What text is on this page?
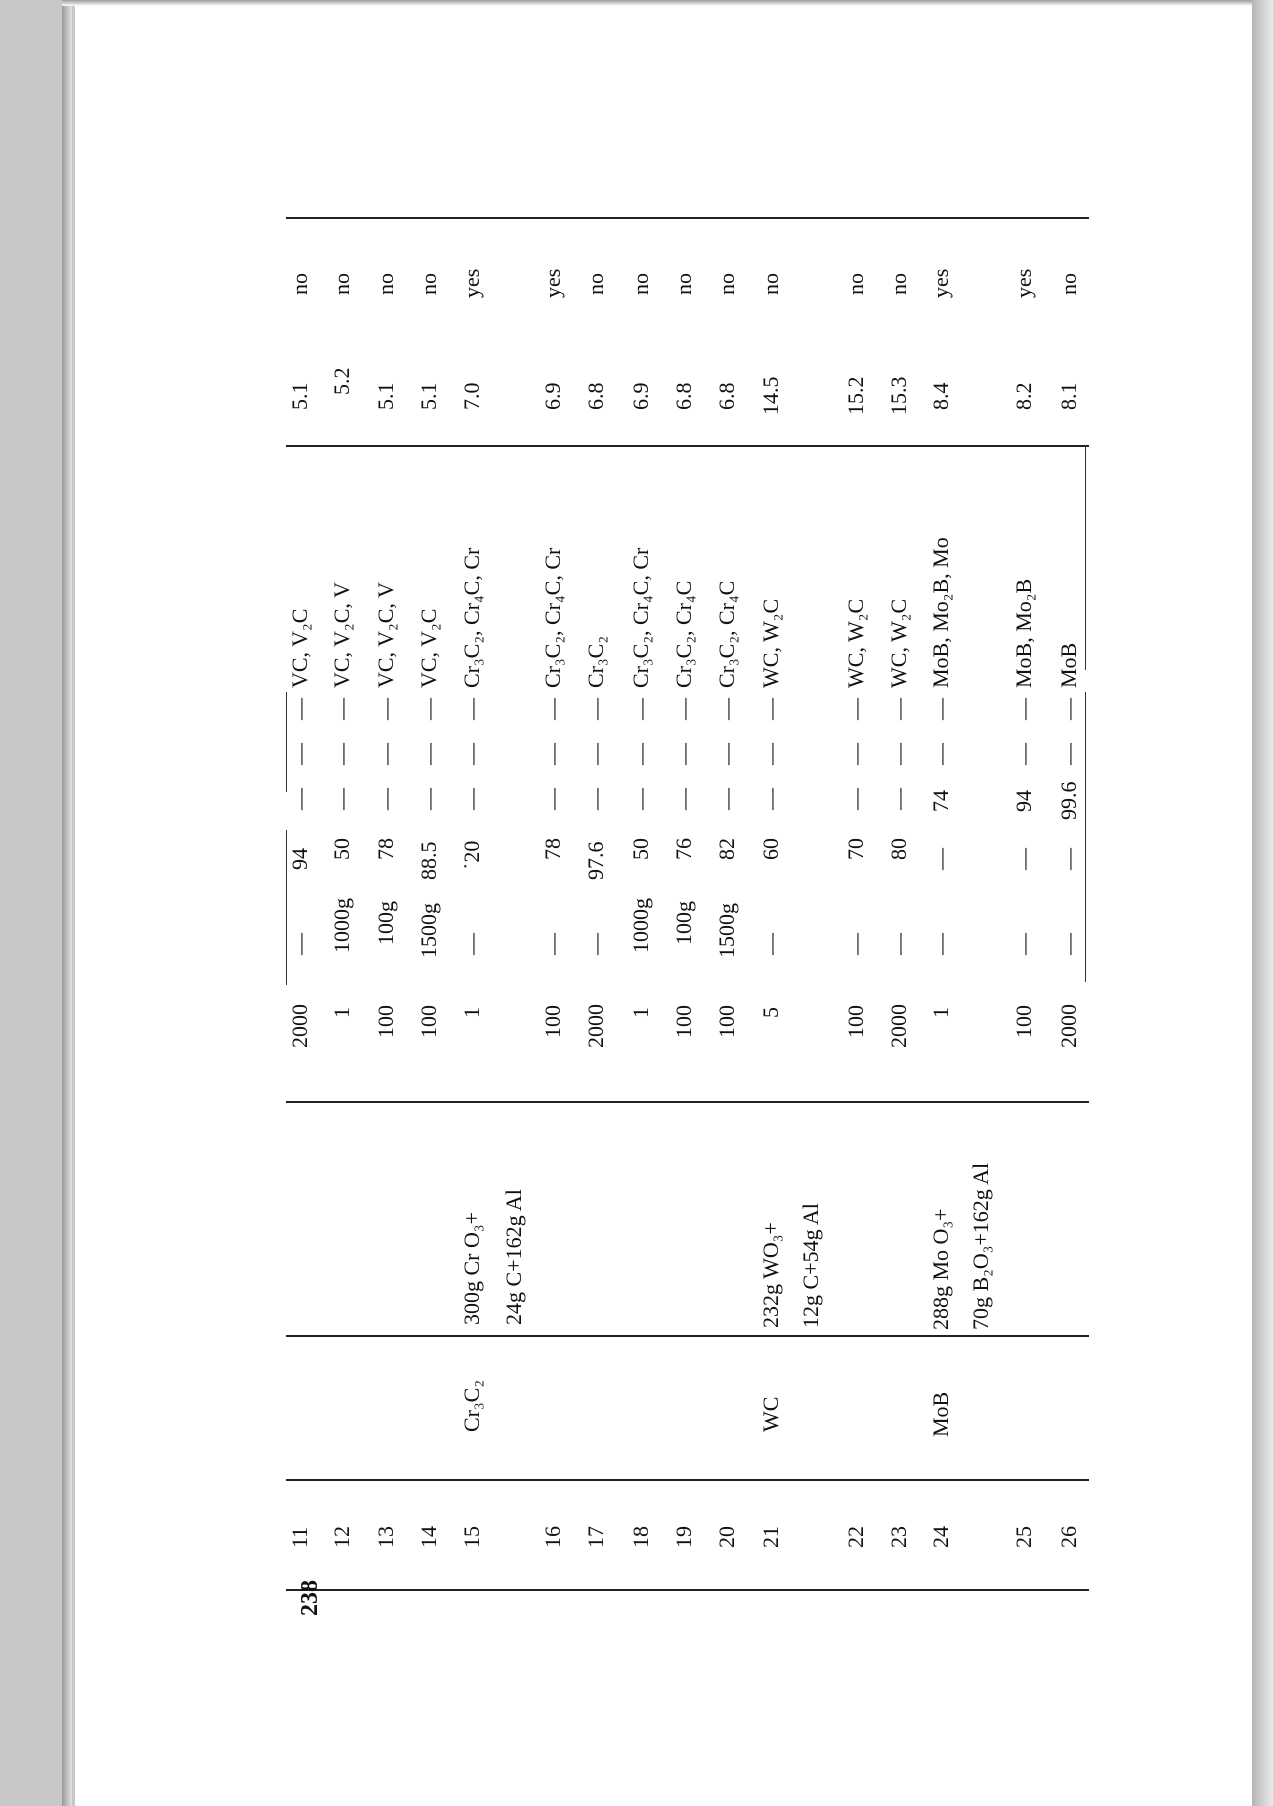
11
2000
—
94
—
—
—
VC, V₂C
5.1
no
12
1
1000g
50
—
—
—
VC, V₂C, V
5.2
no
13
100
100g
78
—
—
—
VC, V₂C, V
5.1
no
14
100
1500g
88.5
—
—
—
VC, V₂C
5.1
no
15
Cr₃C₂
300g Cr O₃+
1
—
˙20
—
—
—
Cr₃C₂, Cr₄C, Cr
7.0
yes
24g C+162g Al
16
100
—
78
—
—
—
Cr₃C₂, Cr₄C, Cr
6.9
yes
17
2000
—
97.6
—
—
—
Cr₃C₂
6.8
no
18
1
1000g
50
—
—
—
Cr₃C₂, Cr₄C, Cr
6.9
no
19
100
100g
76
—
—
—
Cr₃C₂, Cr₄C
6.8
no
20
100
1500g
82
—
—
—
Cr₃C₂, Cr₄C
6.8
no
21
WC
232g WO₃+
5
—
60
—
—
—
WC, W₂C
14.5
no
12g C+54g Al
22
100
—
70
—
—
—
WC, W₂C
15.2
no
23
2000
—
80
—
—
—
WC, W₂C
15.3
no
24
MoB
288g Mo O₃+
1
—
—
74
—
—
MoB, Mo₂B, Mo
8.4
yes
70g B₂O₃+162g Al
25
100
—
—
94
—
—
MoB, Mo₂B
8.2
yes
26
2000
—
—
99.6
—
—
MoB
8.1
no
238
